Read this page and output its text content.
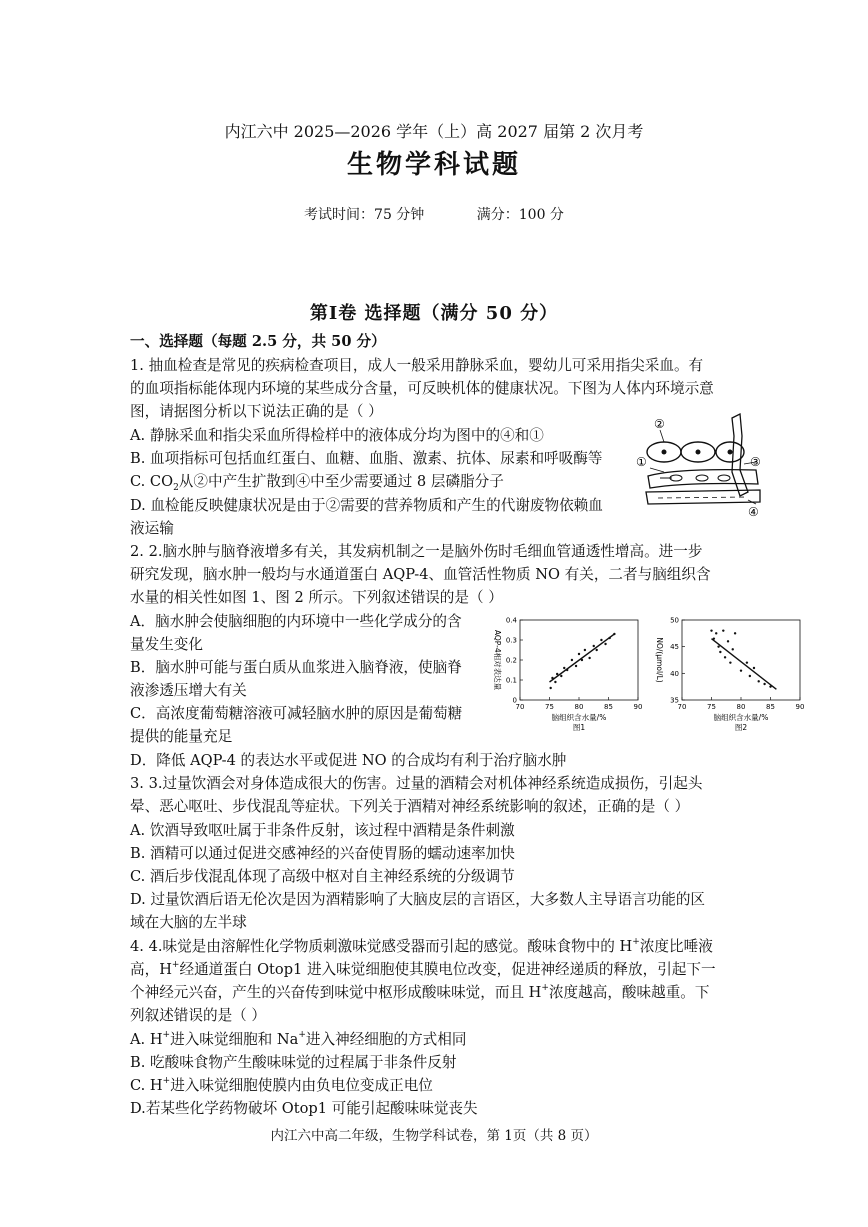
内江六中 2025—2026 学年（上）高 2027 届第 2 次月考
生物学科试题
考试时间：75 分钟	满分：100 分
第Ⅰ卷 选择题（满分 50 分）
一、选择题（每题 2.5 分，共 50 分）
1. 抽血检查是常见的疾病检查项目，成人一般采用静脉采血，婴幼儿可采用指尖采血。有
的血项指标能体现内环境的某些成分含量，可反映机体的健康状况。下图为人体内环境示意
图，请据图分析以下说法正确的是（ ）
A. 静脉采血和指尖采血所得检样中的液体成分均为图中的④和①
B. 血项指标可包括血红蛋白、血糖、血脂、激素、抗体、尿素和呼吸酶等
C. $CO_2$从②中产生扩散到④中至少需要通过 8 层磷脂分子
D. 血检能反映健康状况是由于②需要的营养物质和产生的代谢废物依赖血
液运输
②
①	③
④
2. 2.脑水肿与脑脊液增多有关，其发病机制之一是脑外伤时毛细血管通透性增高。进一步
研究发现，脑水肿一般均与水通道蛋白 AQP-4、血管活性物质 NO 有关，二者与脑组织含
水量的相关性如图 1、图 2 所示。下列叙述错误的是（ ）
A．脑水肿会使脑细胞的内环境中一些化学成分的含
量发生变化
B．脑水肿可能与蛋白质从血浆进入脑脊液，使脑脊
液渗透压增大有关
C．高浓度葡萄糖溶液可减轻脑水肿的原因是葡萄糖
提供的能量充足
D．降低 AQP-4 的表达水平或促进 NO 的合成均有利于治疗脑水肿
70	75	80	85	90
0
0.1
0.2
0.3
0.4
脑组织含水量/%
图1
AQP-4相对表达量
70	75	80	85	90
35
40
45
50
脑组织含水量/%
图2
NO/(μmol/L)
3. 3.过量饮酒会对身体造成很大的伤害。过量的酒精会对机体神经系统造成损伤，引起头
晕、恶心呕吐、步伐混乱等症状。下列关于酒精对神经系统影响的叙述，正确的是（ ）
A. 饮酒导致呕吐属于非条件反射，该过程中酒精是条件刺激
B. 酒精可以通过促进交感神经的兴奋使胃肠的蠕动速率加快
C. 酒后步伐混乱体现了高级中枢对自主神经系统的分级调节
D. 过量饮酒后语无伦次是因为酒精影响了大脑皮层的言语区，大多数人主导语言功能的区
域在大脑的左半球
4. 4.味觉是由溶解性化学物质刺激味觉感受器而引起的感觉。酸味食物中的 H+浓度比唾液
高，H+经通道蛋白 Otop1 进入味觉细胞使其膜电位改变，促进神经递质的释放，引起下一
个神经元兴奋，产生的兴奋传到味觉中枢形成酸味味觉，而且 H+浓度越高，酸味越重。下
列叙述错误的是（ ）
A. H+进入味觉细胞和 Na+进入神经细胞的方式相同
B. 吃酸味食物产生酸味味觉的过程属于非条件反射
C. H+进入味觉细胞使膜内由负电位变成正电位
D.若某些化学药物破坏 Otop1 可能引起酸味味觉丧失
内江六中高二年级，生物学科试卷，第 1页（共 8 页）
